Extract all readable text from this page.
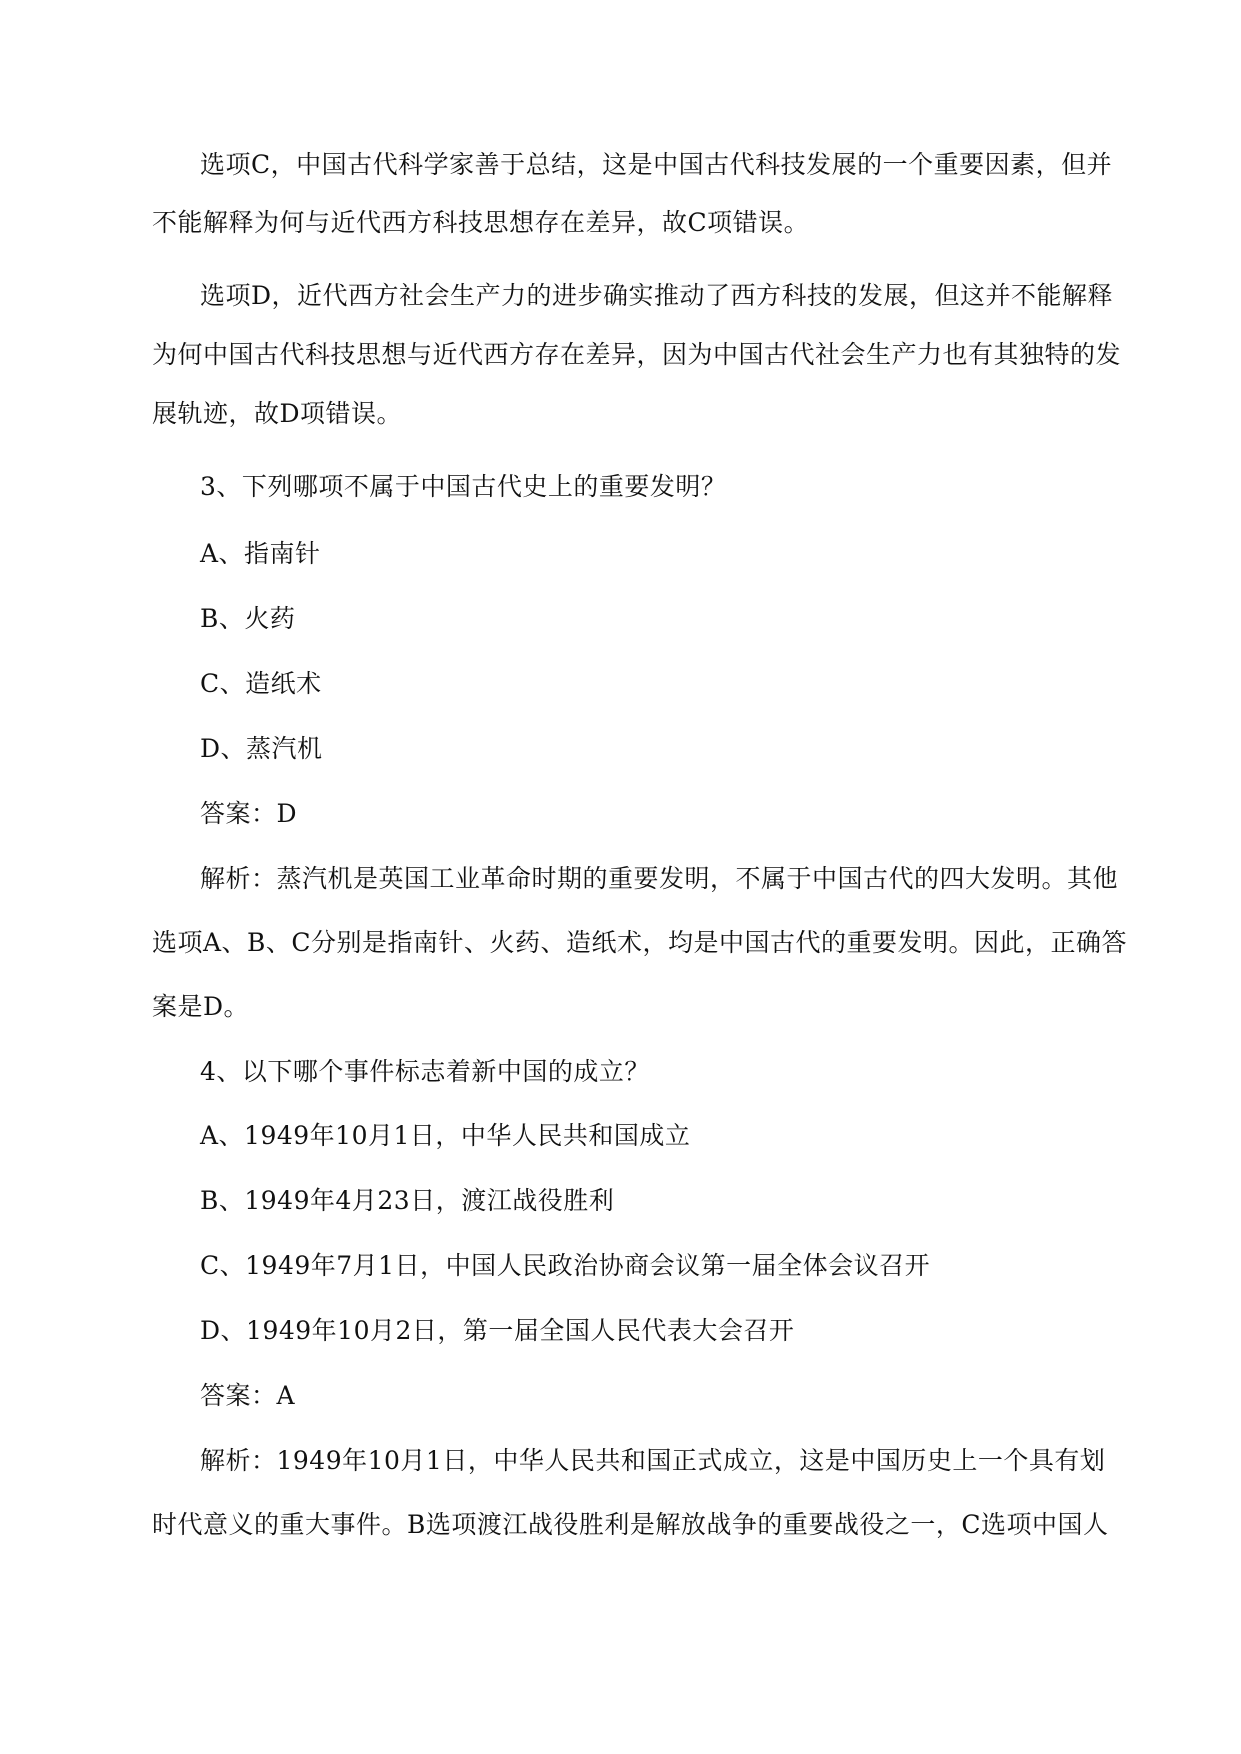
选项C，中国古代科学家善于总结，这是中国古代科技发展的一个重要因素，但并
不能解释为何与近代西方科技思想存在差异，故C项错误。
选项D，近代西方社会生产力的进步确实推动了西方科技的发展，但这并不能解释
为何中国古代科技思想与近代西方存在差异，因为中国古代社会生产力也有其独特的发
展轨迹，故D项错误。
3、下列哪项不属于中国古代史上的重要发明？
A、指南针
B、火药
C、造纸术
D、蒸汽机
答案：D
解析：蒸汽机是英国工业革命时期的重要发明，不属于中国古代的四大发明。其他
选项A、B、C分别是指南针、火药、造纸术，均是中国古代的重要发明。因此，正确答
案是D。
4、以下哪个事件标志着新中国的成立？
A、1949年10月1日，中华人民共和国成立
B、1949年4月23日，渡江战役胜利
C、1949年7月1日，中国人民政治协商会议第一届全体会议召开
D、1949年10月2日，第一届全国人民代表大会召开
答案：A
解析：1949年10月1日，中华人民共和国正式成立，这是中国历史上一个具有划
时代意义的重大事件。B选项渡江战役胜利是解放战争的重要战役之一，C选项中国人
